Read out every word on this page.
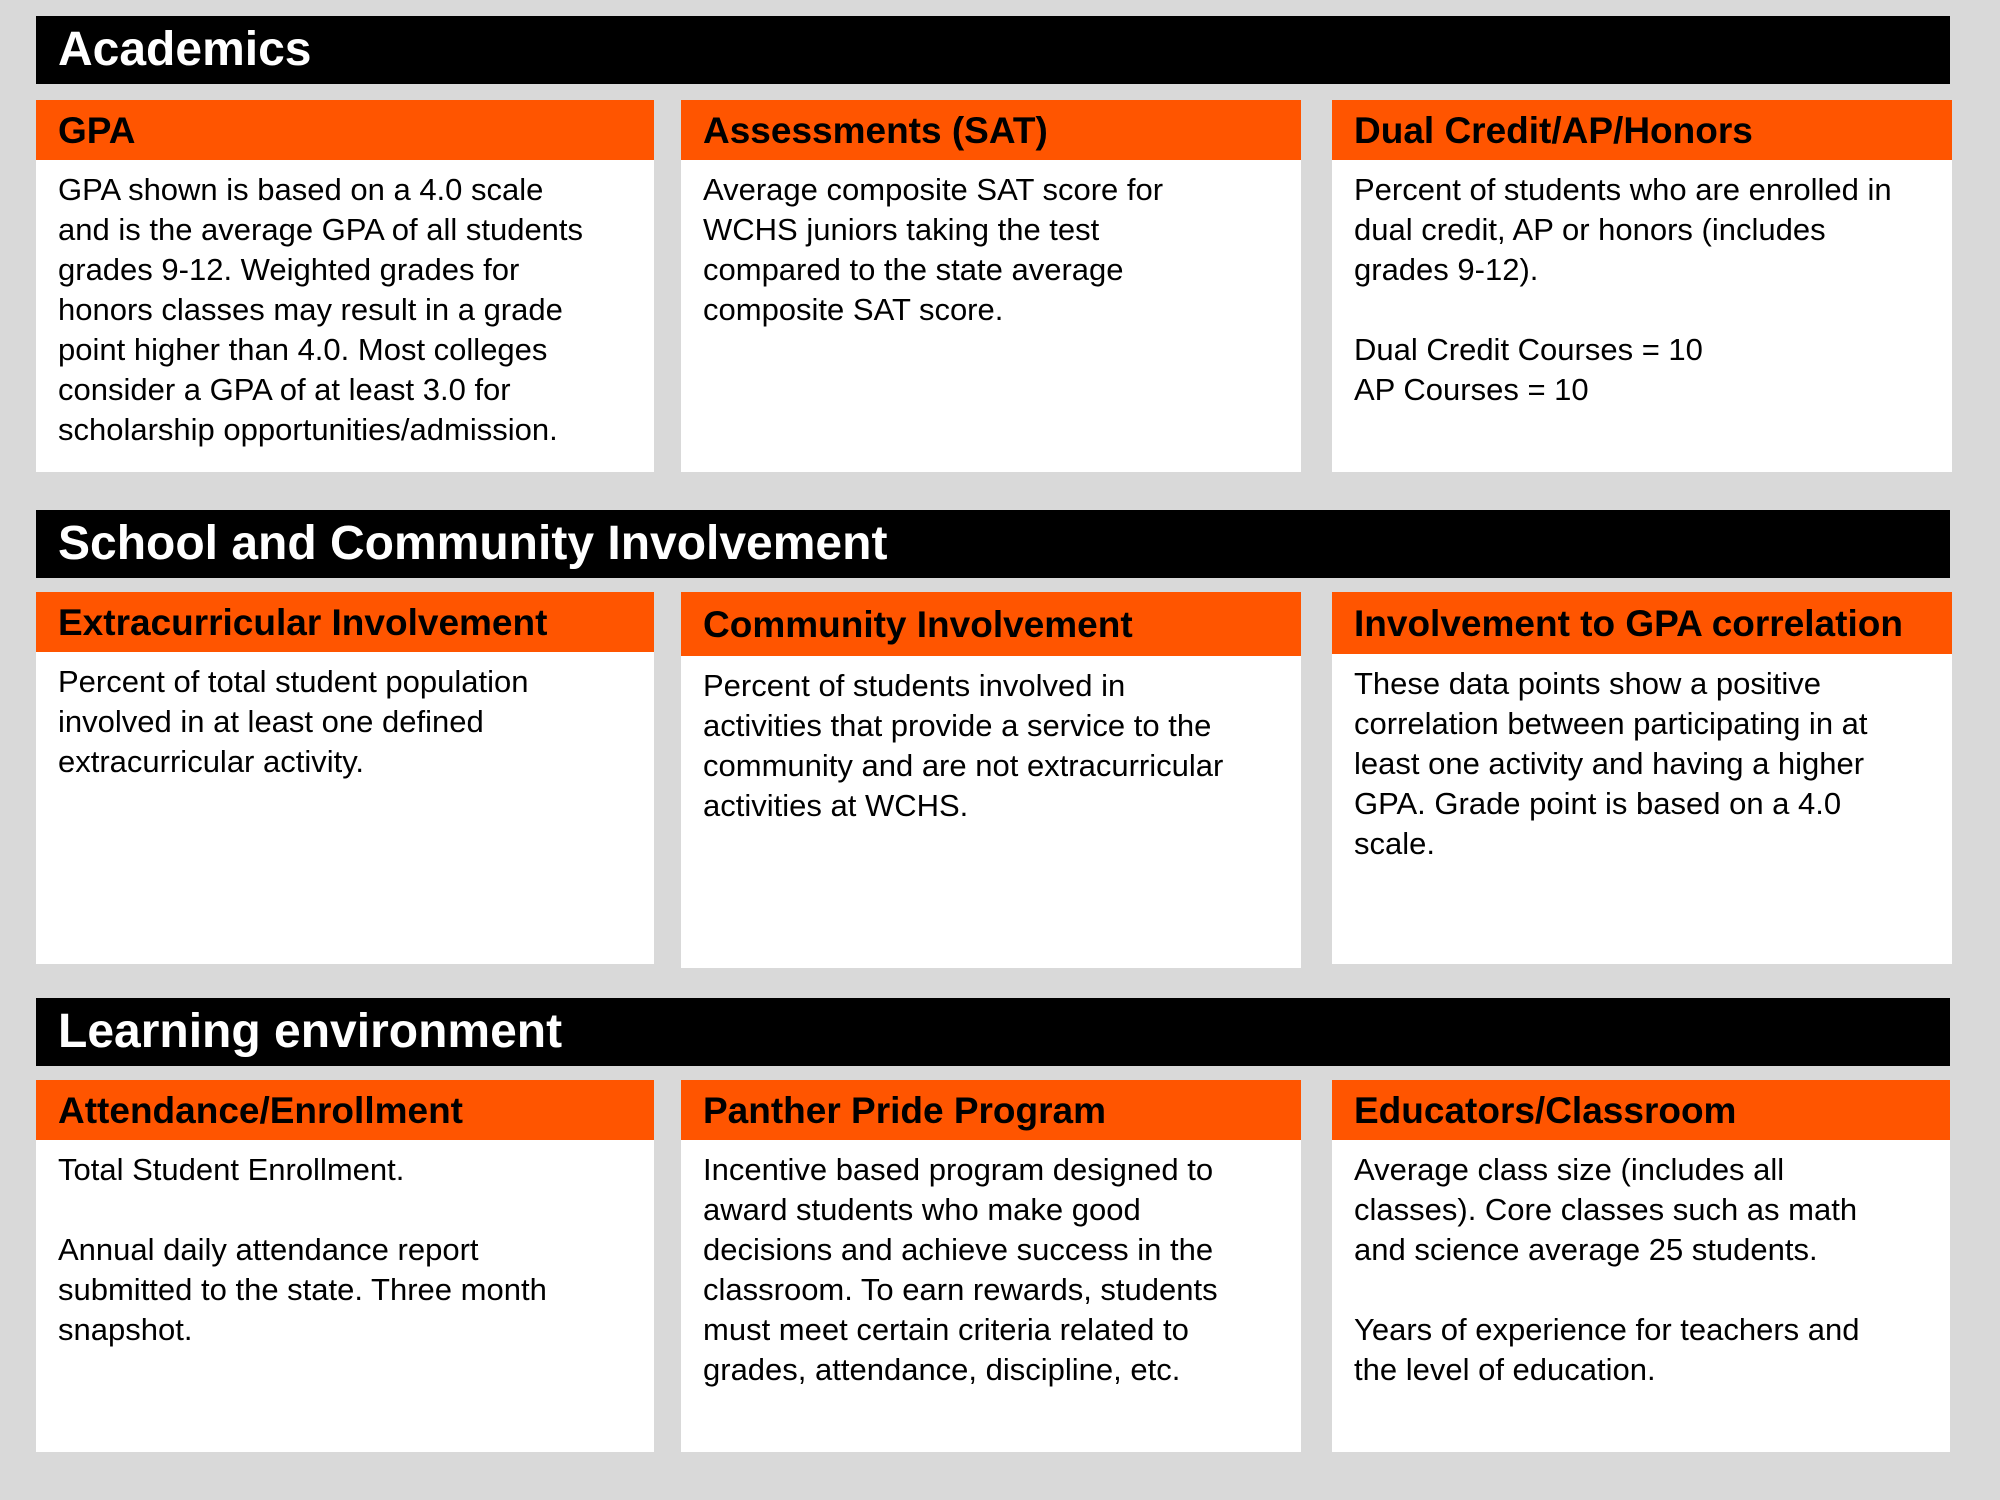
Academics
GPA

GPA shown is based on a 4.0 scale
and is the average GPA of all students
grades 9-12. Weighted grades for
honors classes may result in a grade
point higher than 4.0. Most colleges
consider a GPA of at least 3.0 for
scholarship opportunities/admission.

Assessments (SAT)

Average composite SAT score for
WCHS juniors taking the test
compared to the state average
composite SAT score.

Dual Credit/AP/Honors

Percent of students who are enrolled in
dual credit, AP or honors (includes
grades 9-12).

Dual Credit Courses = 10
AP Courses = 10

School and Community Involvement
Extracurricular Involvement

Percent of total student population
involved in at least one defined
extracurricular activity.

Community Involvement

Percent of students involved in
activities that provide a service to the
community and are not extracurricular
activities at WCHS.

Involvement to GPA correlation

These data points show a positive
correlation between participating in at
least one activity and having a higher
GPA. Grade point is based on a 4.0
scale.

Learning environment
Attendance/Enrollment

Total Student Enrollment.

Annual daily attendance report
submitted to the state. Three month
snapshot.

Panther Pride Program

Incentive based program designed to
award students who make good
decisions and achieve success in the
classroom. To earn rewards, students
must meet certain criteria related to
grades, attendance, discipline, etc.

Educators/Classroom

Average class size (includes all
classes). Core classes such as math
and science average 25 students.

Years of experience for teachers and
the level of education.
